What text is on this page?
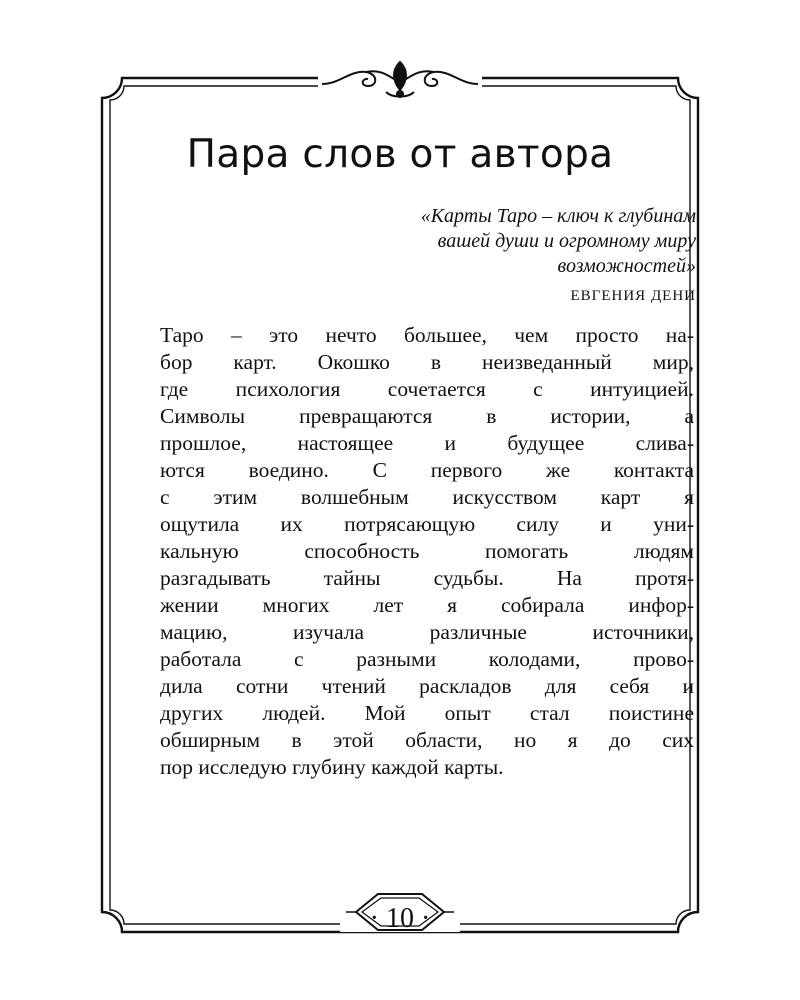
Пара слов от автора
«Карты Таро – ключ к глубинам
вашей души и огромному миру
возможностей»

ЕВГЕНИЯ ДЕНИ

Таро – это нечто большее, чем просто на-
бор карт. Окошко в неизведанный мир,
где психология сочетается с интуицией.
Символы превращаются в истории, а
прошлое, настоящее и будущее слива-
ются воедино. С первого же контакта
с этим волшебным искусством карт я
ощутила их потрясающую силу и уни-
кальную способность помогать людям
разгадывать тайны судьбы. На протя-
жении многих лет я собирала инфор-
мацию, изучала различные источники,
работала с разными колодами, прово-
дила сотни чтений раскладов для себя и
других людей. Мой опыт стал поистине
обширным в этой области, но я до сих
пор исследую глубину каждой карты.

· 10 ·
